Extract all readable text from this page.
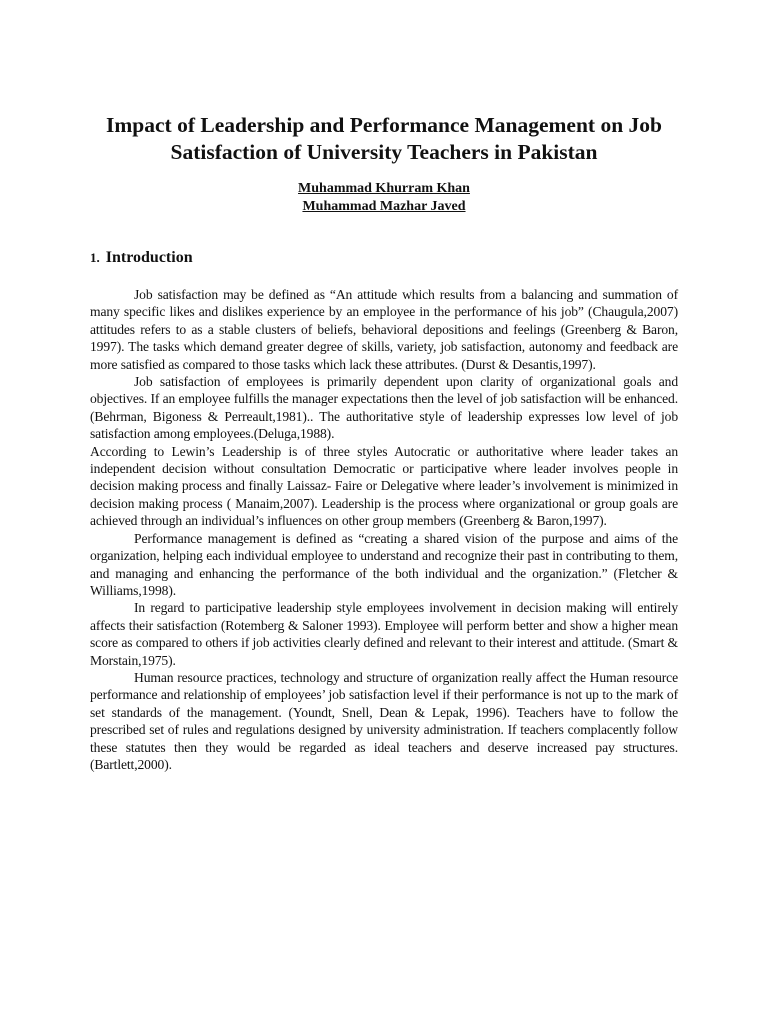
Impact of Leadership and Performance Management on Job Satisfaction of University Teachers in Pakistan
Muhammad Khurram Khan
Muhammad Mazhar Javed
1. Introduction

Job satisfaction may be defined as “An attitude which results from a balancing and summation of many specific likes and dislikes experience by an employee in the performance of his job” (Chaugula,2007) attitudes refers to as a stable clusters of beliefs, behavioral depositions and feelings (Greenberg & Baron, 1997). The tasks which demand greater degree of skills, variety, job satisfaction, autonomy and feedback are more satisfied as compared to those tasks which lack these attributes. (Durst & Desantis,1997).

Job satisfaction of employees is primarily dependent upon clarity of organizational goals and objectives. If an employee fulfills the manager expectations then the level of job satisfaction will be enhanced. (Behrman, Bigoness & Perreault,1981).. The authoritative style of leadership expresses low level of job satisfaction among employees.(Deluga,1988).

According to Lewin’s Leadership is of three styles Autocratic or authoritative where leader takes an independent decision without consultation Democratic or participative where leader involves people in decision making process and finally Laissaz- Faire or Delegative where leader’s involvement is minimized in decision making process ( Manaim,2007). Leadership is the process where organizational or group goals are achieved through an individual’s influences on other group members (Greenberg & Baron,1997).

Performance management is defined as “creating a shared vision of the purpose and aims of the organization, helping each individual employee to understand and recognize their past in contributing to them, and managing and enhancing the performance of the both individual and the organization.” (Fletcher & Williams,1998).

In regard to participative leadership style employees involvement in decision making will entirely affects their satisfaction (Rotemberg & Saloner 1993). Employee will perform better and show a higher mean score as compared to others if job activities clearly defined and relevant to their interest and attitude. (Smart & Morstain,1975).

Human resource practices, technology and structure of organization really affect the Human resource performance and relationship of employees’ job satisfaction level if their performance is not up to the mark of set standards of the management. (Youndt, Snell, Dean & Lepak, 1996). Teachers have to follow the prescribed set of rules and regulations designed by university administration. If teachers complacently follow these statutes then they would be regarded as ideal teachers and deserve increased pay structures. (Bartlett,2000).
